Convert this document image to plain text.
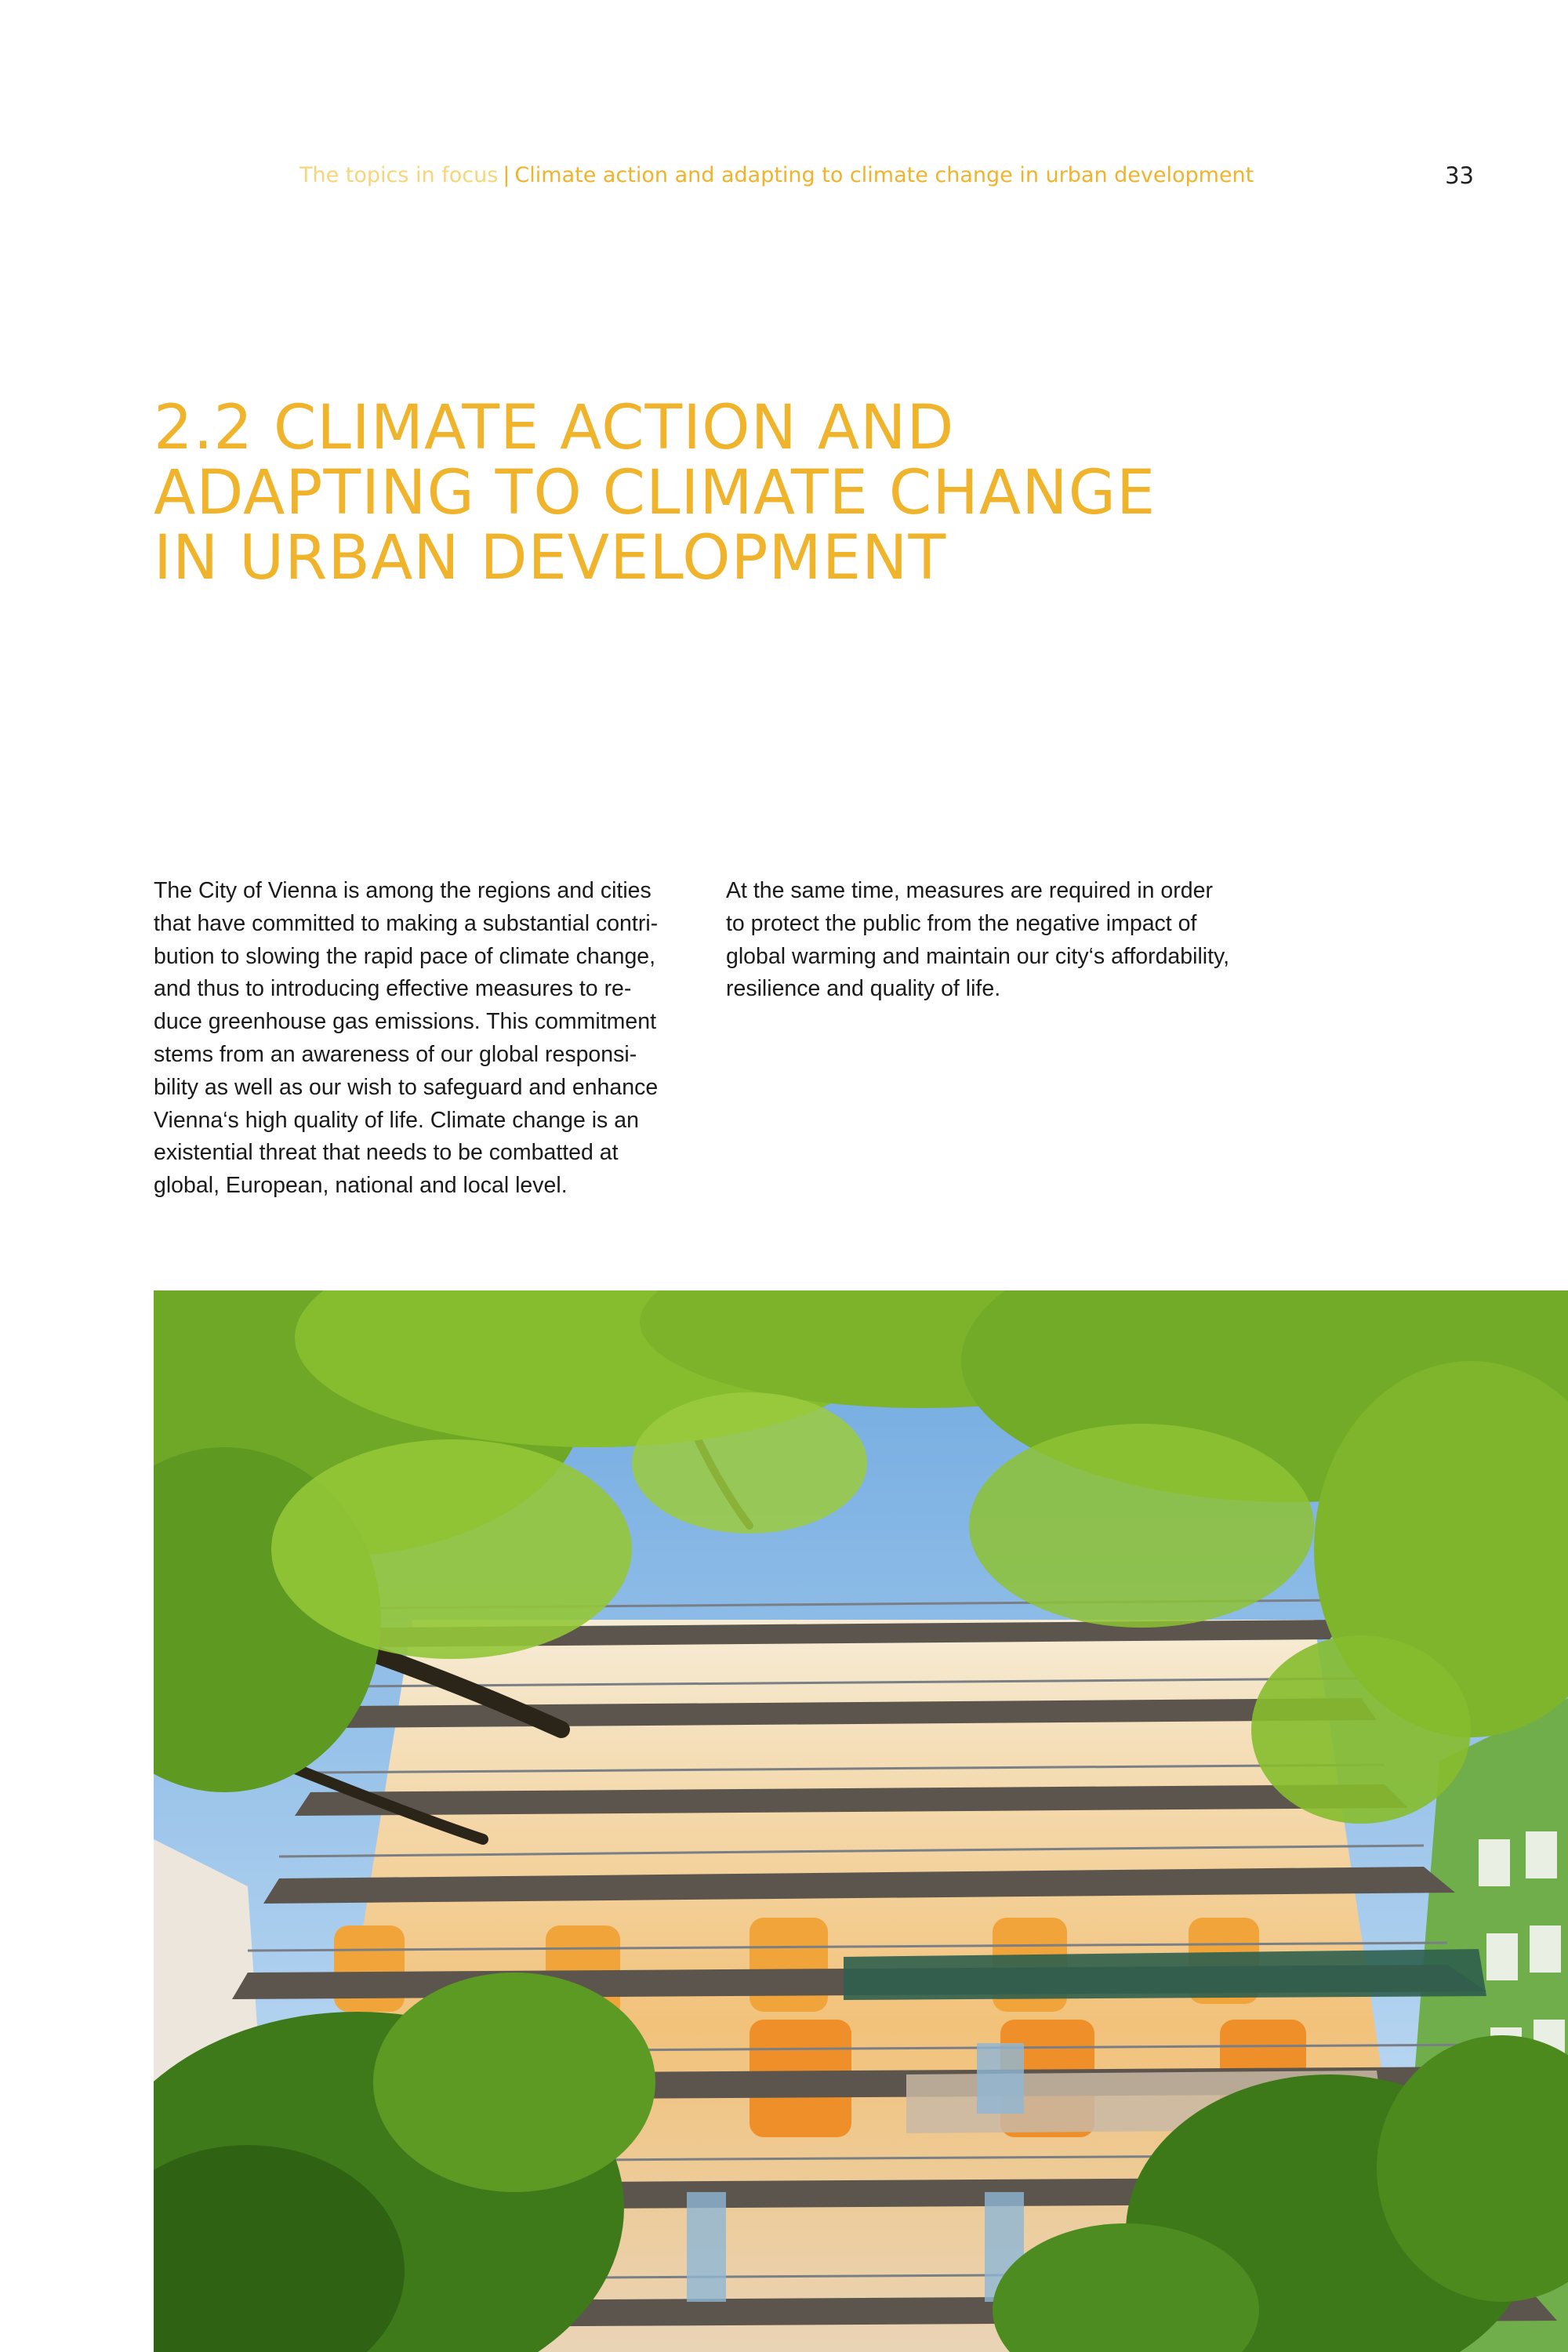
The topics in focus | Climate action and adapting to climate change in urban development	33
2.2 CLIMATE ACTION AND
ADAPTING TO CLIMATE CHANGE
IN URBAN DEVELOPMENT

The City of Vienna is among the regions and cities
that have committed to making a substantial contri-
bution to slowing the rapid pace of climate change,
and thus to introducing effective measures to re-
duce greenhouse gas emissions. This commitment
stems from an awareness of our global responsi-
bility as well as our wish to safeguard and enhance
Vienna‘s high quality of life. Climate change is an
existential threat that needs to be combatted at
global, European, national and local level.

At the same time, measures are required in order
to protect the public from the negative impact of
global warming and maintain our city‘s affordability,
resilience and quality of life.
